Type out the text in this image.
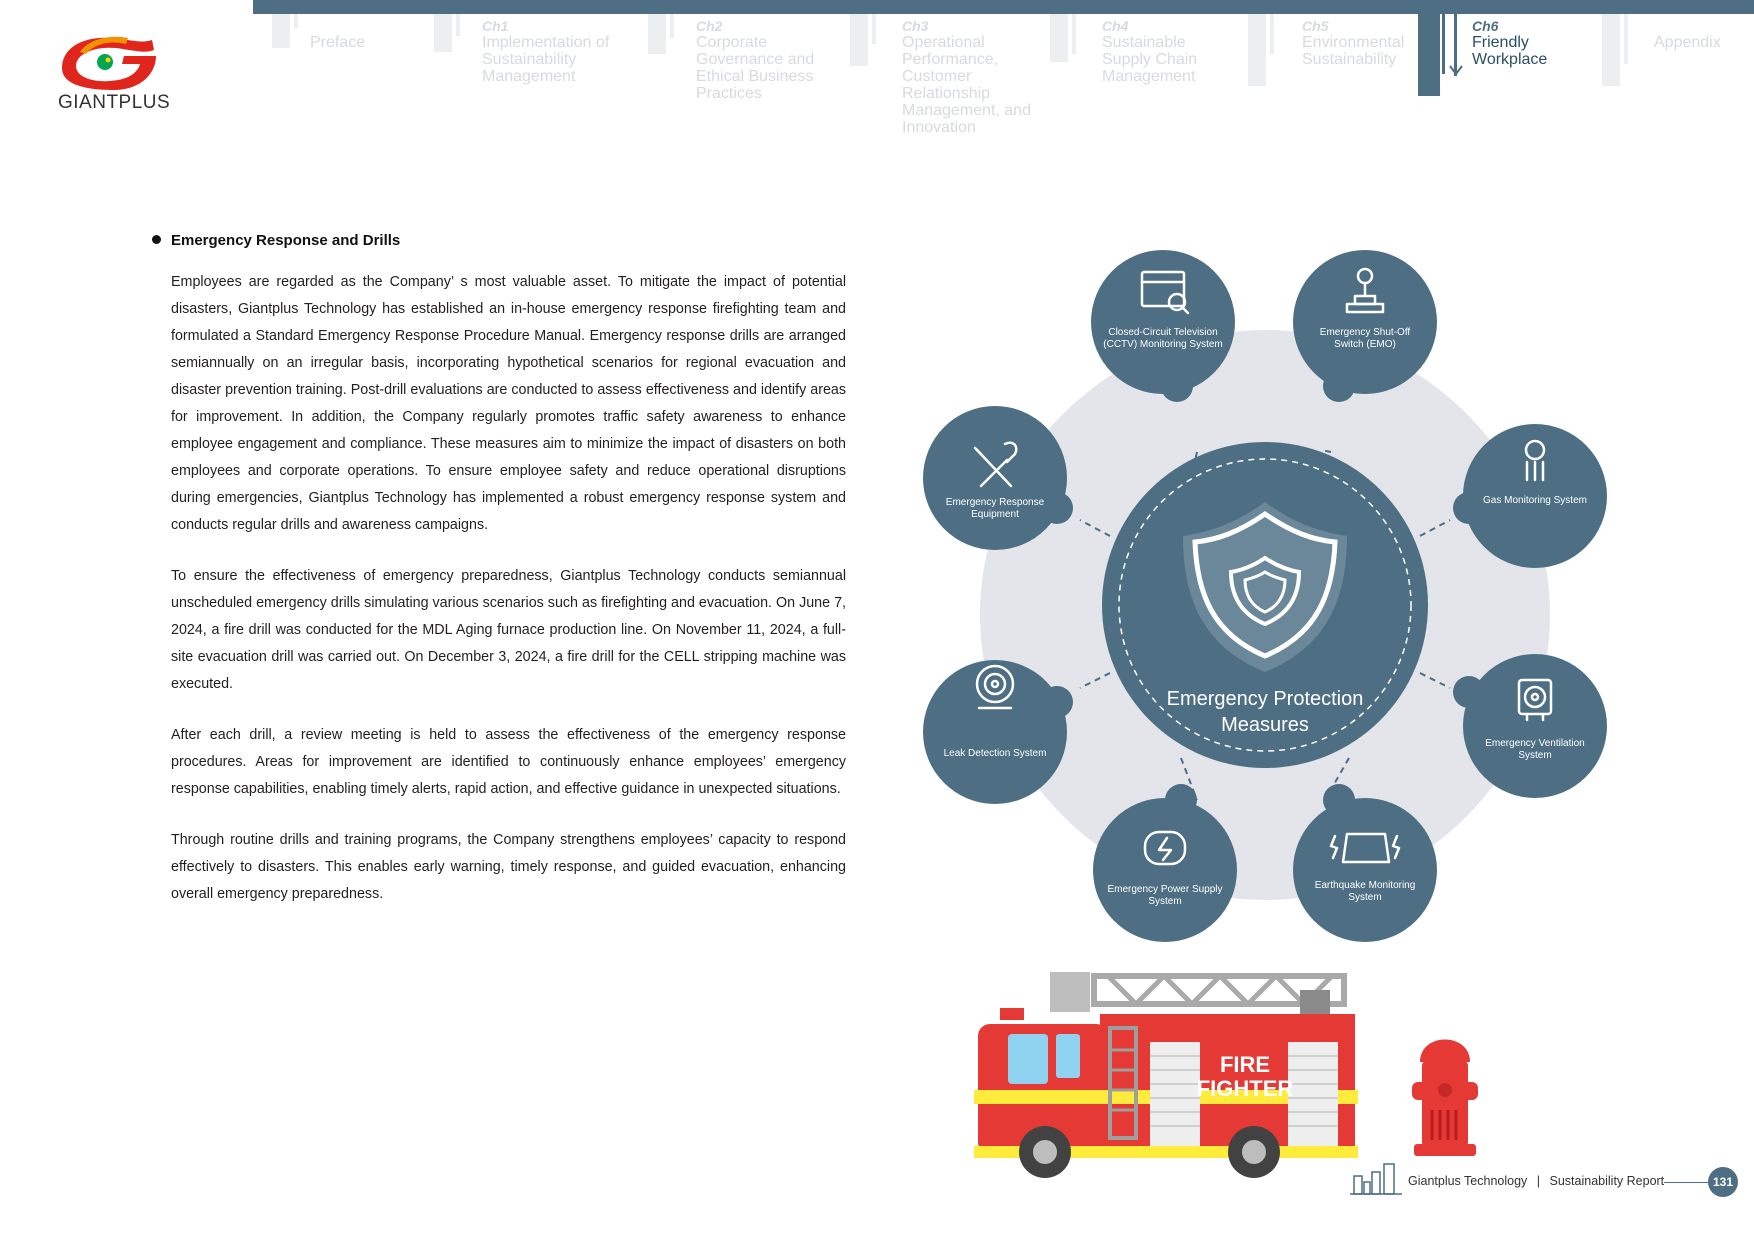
GIANTPLUS
Preface
Ch1
Implementation of Sustainability Management
Ch2
Corporate Governance and Ethical Business Practices
Ch3
Operational Performance, Customer Relationship Management, and Innovation
Ch4
Sustainable Supply Chain Management
Ch5
Environmental Sustainability
Ch6
Friendly Workplace
Appendix
Emergency Response and Drills

Employees are regarded as the Company’ s most valuable asset. To mitigate the impact of potential disasters, Giantplus Technology has established an in-house emergency response firefighting team and formulated a Standard Emergency Response Procedure Manual. Emergency response drills are arranged semiannually on an irregular basis, incorporating hypothetical scenarios for regional evacuation and disaster prevention training. Post-drill evaluations are conducted to assess effectiveness and identify areas for improvement. In addition, the Company regularly promotes traffic safety awareness to enhance employee engagement and compliance. These measures aim to minimize the impact of disasters on both employees and corporate operations. To ensure employee safety and reduce operational disruptions during emergencies, Giantplus Technology has implemented a robust emergency response system and conducts regular drills and awareness campaigns.

To ensure the effectiveness of emergency preparedness, Giantplus Technology conducts semiannual unscheduled emergency drills simulating various scenarios such as firefighting and evacuation. On June 7, 2024, a fire drill was conducted for the MDL Aging furnace production line. On November 11, 2024, a full-site evacuation drill was carried out. On December 3, 2024, a fire drill for the CELL stripping machine was executed.

After each drill, a review meeting is held to assess the effectiveness of the emergency response procedures. Areas for improvement are identified to continuously enhance employees’ emergency response capabilities, enabling timely alerts, rapid action, and effective guidance in unexpected situations.

Through routine drills and training programs, the Company strengthens employees’ capacity to respond effectively to disasters. This enables early warning, timely response, and guided evacuation, enhancing overall emergency preparedness.

Closed-Circuit Television (CCTV) Monitoring System
Emergency Shut-Off Switch (EMO)
Gas Monitoring System
Emergency Ventilation System
Earthquake Monitoring System
Emergency Power Supply System
Leak Detection System
Emergency Response Equipment
Emergency Protection Measures
FIRE
FIGHTER
Giantplus Technology | Sustainability Report	131
